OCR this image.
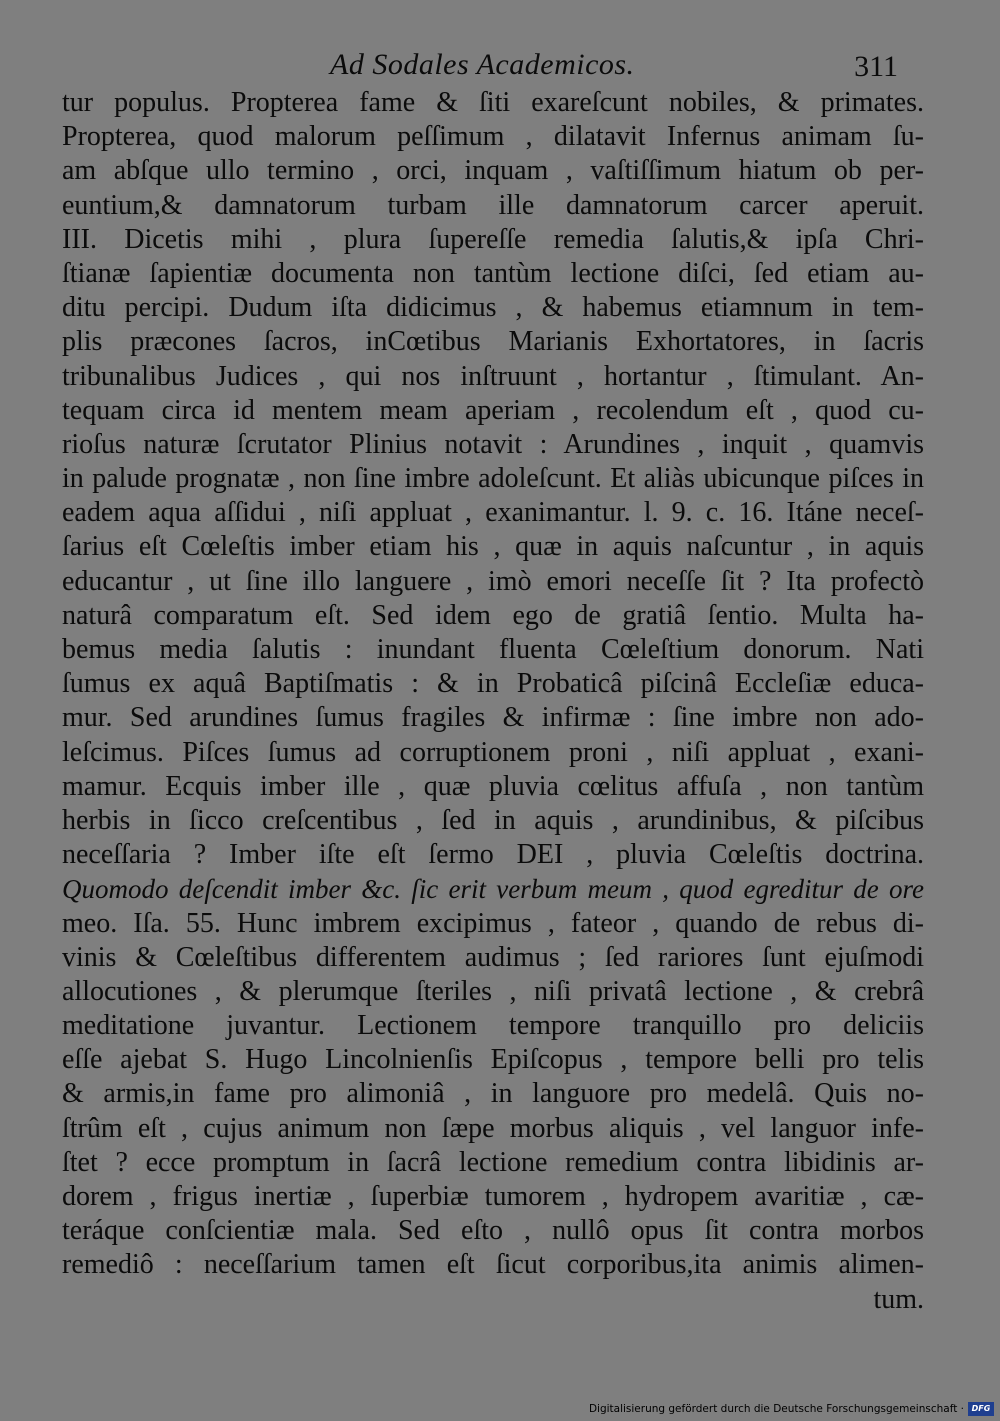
Ad Sodales Academicos.	311
tur populus. Propterea fame & ſiti exareſcunt nobiles, & primates.
Propterea, quod malorum peſſimum , dilatavit Infernus animam ſu-
am abſque ullo termino , orci, inquam , vaſtiſſimum hiatum ob per-
euntium,& damnatorum turbam ille damnatorum carcer aperuit.
III. Dicetis mihi , plura ſupereſſe remedia ſalutis,& ipſa Chri-
ſtianæ ſapientiæ documenta non tantùm lectione diſci, ſed etiam au-
ditu percipi. Dudum iſta didicimus , & habemus etiamnum in tem-
plis præcones ſacros, inCœtibus Marianis Exhortatores, in ſacris
tribunalibus Judices , qui nos inſtruunt , hortantur , ſtimulant. An-
tequam circa id mentem meam aperiam , recolendum eſt , quod cu-
rioſus naturæ ſcrutator Plinius notavit : Arundines , inquit , quamvis
in palude prognatæ , non ſine imbre adoleſcunt. Et aliàs ubicunque piſces in
eadem aqua aſſidui , niſi appluat , exanimantur. l. 9. c. 16. Itáne neceſ-
ſarius eſt Cœleſtis imber etiam his , quæ in aquis naſcuntur , in aquis
educantur , ut ſine illo languere , imò emori neceſſe ſit ? Ita profectò
naturâ comparatum eſt. Sed idem ego de gratiâ ſentio. Multa ha-
bemus media ſalutis : inundant fluenta Cœleſtium donorum. Nati
ſumus ex aquâ Baptiſmatis : & in Probaticâ piſcinâ Eccleſiæ educa-
mur. Sed arundines ſumus fragiles & infirmæ : ſine imbre non ado-
leſcimus. Piſces ſumus ad corruptionem proni , niſi appluat , exani-
mamur. Ecquis imber ille , quæ pluvia cœlitus affuſa , non tantùm
herbis in ſicco creſcentibus , ſed in aquis , arundinibus, & piſcibus
neceſſaria ? Imber iſte eſt ſermo DEI , pluvia Cœleſtis doctrina.
Quomodo deſcendit imber &c. ſic erit verbum meum , quod egreditur de ore
meo. Iſa. 55. Hunc imbrem excipimus , fateor , quando de rebus di-
vinis & Cœleſtibus differentem audimus ; ſed rariores ſunt ejuſmodi
allocutiones , & plerumque ſteriles , niſi privatâ lectione , & crebrâ
meditatione juvantur. Lectionem tempore tranquillo pro deliciis
eſſe ajebat S. Hugo Lincolnienſis Epiſcopus , tempore belli pro telis
& armis,in fame pro alimoniâ , in languore pro medelâ. Quis no-
ſtrûm eſt , cujus animum non ſæpe morbus aliquis , vel languor infe-
ſtet ? ecce promptum in ſacrâ lectione remedium contra libidinis ar-
dorem , frigus inertiæ , ſuperbiæ tumorem , hydropem avaritiæ , cæ-
teráque conſcientiæ mala. Sed eſto , nullô opus ſit contra morbos
remediô : neceſſarium tamen eſt ſicut corporibus,ita animis alimen-
tum.
Digitalisierung gefördert durch die Deutsche Forschungsgemeinschaft · DFG
